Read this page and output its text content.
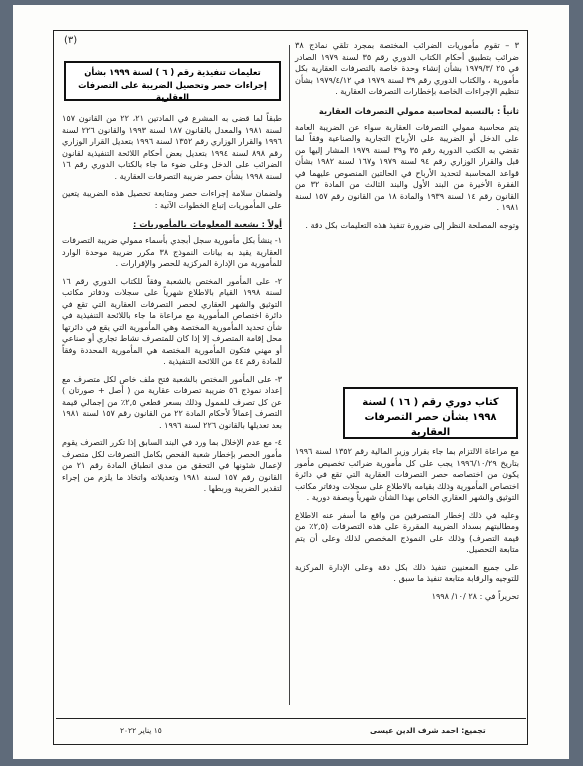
(٣)	٣ – تقوم مأموريات الضرائب المختصة بمجرد تلقي نماذج ٣٨ ضرائب بتطبيق أحكام الكتاب الدوري رقم ٣٥ لسنة ١٩٧٩ الصادر في ٢٥ /١٩٧٩/٣ بشأن إنشاء وحدة خاصة بالتصرفات العقارية بكل مأمورية ، والكتاب الدوري رقم ٣٩ لسنة ١٩٧٩ في ١٩٧٩/٤/١٢ بشأن تنظيم الإجراءات الخاصة بإخطارات التصرفات العقارية .

ثانياً : بالنسبة لمحاسبة ممولي التصرفات العقارية

يتم محاسبة ممولي التصرفات العقارية سواء عن الضريبة العامة على الدخل أو الضريبة على الأرباح التجارية والصناعية وفقاً لما تقضي به الكتب الدورية رقم ٣٥ و٣٩ لسنة ١٩٧٩ المشار إليها من قبل والقرار الوزاري رقم ٩٤ لسنة ١٩٧٩ و١٦٧ لسنة ١٩٨٢ بشأن قواعد المحاسبة لتحديد الأرباح في الحالتين المنصوص عليهما في الفقرة الأخيرة من البند الأول والبند الثالث من المادة ٣٢ من القانون رقم ١٤ لسنة ١٩٣٩ والمادة ١٨ من القانون رقم ١٥٧ لسنة ١٩٨١ .

وتوجه المصلحة النظر إلى ضرورة تنفيذ هذه التعليمات بكل دقة .

كتاب دوري رقم ( ١٦ ) لسنة ١٩٩٨ بشأن حصر التصرفات العقارية

مع مراعاة الالتزام بما جاء بقرار وزير المالية رقم ١٣٥٢ لسنة ١٩٩٦ بتاريخ ١٩٩٦/١٠/٢٩ يجب على كل مأمورية ضرائب تخصيص مأمور يكون من اختصاصه حصر التصرفات العقارية التي تقع في دائرة اختصاص المأمورية وذلك بقيامه بالاطلاع على سجلات ودفاتر مكاتب التوثيق والشهر العقاري الخاص بهذا الشأن شهرياً وبصفة دورية .

وعليه في ذلك إخطار المتصرفين من واقع ما أسفر عنه الاطلاع ومطالبتهم بسداد الضريبة المقررة على هذه التصرفات (٢,٥٪ من قيمة التصرف) وذلك على النموذج المخصص لذلك وعلى أن يتم متابعة التحصيل.

على جميع المعنيين تنفيذ ذلك بكل دقة وعلى الإدارة المركزية للتوجيه والرقابة متابعة تنفيذ ما سبق .

تحريراً في : ٢٨ /١٠/ ١٩٩٨

تعليمات تنفيذية رقم ( ٦ ) لسنة ١٩٩٩ بشأن إجراءات حصر وتحصيل الضريبة على التصرفات العقارية

طبقاً لما قضى به المشرع في المادتين ٢١، ٢٢ من القانون ١٥٧ لسنة ١٩٨١ والمعدل بالقانون ١٨٧ لسنة ١٩٩٣ والقانون ٢٢٦ لسنة ١٩٩٦ والقرار الوزاري رقم ١٣٥٢ لسنة ١٩٩٦ بتعديل القرار الوزاري رقم ٨٩٨ لسنة ١٩٩٤ بتعديل بعض أحكام اللائحة التنفيذية لقانون الضرائب على الدخل وعلى ضوء ما جاء بالكتاب الدوري رقم ١٦ لسنة ١٩٩٨ بشأن حصر ضريبة التصرفات العقارية .

ولضمان سلامة إجراءات حصر ومتابعة تحصيل هذه الضريبة يتعين على المأموريات إتباع الخطوات الآتية :

أولاً : بشعبة المعلومات بالمأموريات :

١- ينشأ بكل مأمورية سجل أبجدي بأسماء ممولي ضريبة التصرفات العقارية يقيد به بيانات النموذج ٣٨ مكرر ضريبة موحدة الوارد للمأمورية من الإدارة المركزية للحصر والإقرارات .

٢- على المأمور المختص بالشعبة وفقاً للكتاب الدوري رقم ١٦ لسنة ١٩٩٨ القيام بالاطلاع شهرياً على سجلات ودفاتر مكاتب التوثيق والشهر العقاري لحصر التصرفات العقارية التي تقع في دائرة اختصاص المأمورية مع مراعاة ما جاء باللائحة التنفيذية في شأن تحديد المأمورية المختصة وهي المأمورية التي يقع في دائرتها محل إقامة المتصرف إلا إذا كان للمتصرف نشاط تجاري أو صناعي أو مهني فتكون المأمورية المختصة هي المأمورية المحددة وفقاً للمادة رقم ٤٤ من اللائحة التنفيذية .

٣- على المأمور المختص بالشعبة فتح ملف خاص لكل متصرف مع إعداد نموذج ٥٦ ضريبة تصرفات عقارية من ( أصل + صورتان ) عن كل تصرف للممول وذلك بسعر قطعي ٢,٥٪ من إجمالي قيمة التصرف إعمالاً لأحكام المادة ٢٢ من القانون رقم ١٥٧ لسنة ١٩٨١ بعد تعديلها بالقانون ٢٢٦ لسنة ١٩٩٦ .

٤- مع عدم الإخلال بما ورد في البند السابق إذا تكرر التصرف يقوم مأمور الحصر بإخطار شعبة الفحص بكامل التصرفات لكل متصرف لإعمال شئونها في التحقق من مدى انطباق المادة رقم ٢١ من القانون رقم ١٥٧ لسنة ١٩٨١ وتعديلاته واتخاذ ما يلزم من إجراء لتقدير الضريبة وربطها .

١٥ يناير ٢٠٢٢	تجميع: احمد شرف الدين عيسى
